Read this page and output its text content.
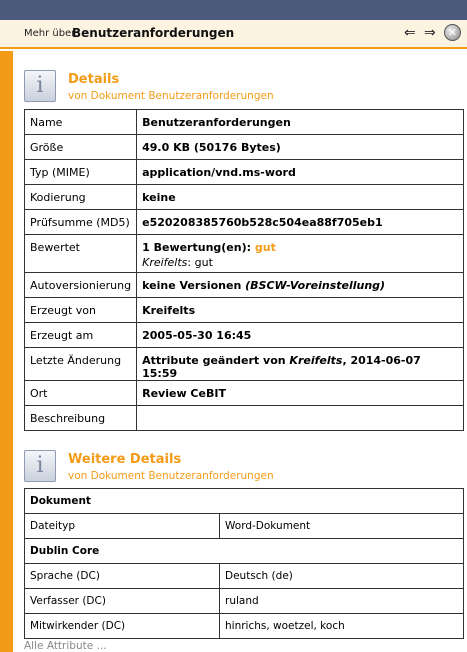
Mehr über
Benutzeranforderungen	⇐ ⇒	✕
i	Details
von Dokument Benutzeranforderungen
Name	Benutzeranforderungen
Größe	49.0 KB (50176 Bytes)
Typ (MIME)	application/vnd.ms-word
Kodierung	keine
Prüfsumme (MD5)	e520208385760b528c504ea88f705eb1
Bewertet	1 Bewertung(en): gut
Kreifelts: gut

Autoversionierung	keine Versionen (BSCW-Voreinstellung)
Erzeugt von	Kreifelts
Erzeugt am	2005-05-30 16:45
Letzte Änderung	Attribute geändert von Kreifelts, 2014-06-07 15:59
Ort	Review CeBIT
Beschreibung	
i	Weitere Details
von Dokument Benutzeranforderungen
Dokument	
Dateityp	Word-Dokument
Dublin Core	
Sprache (DC)	Deutsch (de)
Verfasser (DC)	ruland
Mitwirkender (DC)	hinrichs, woetzel, koch
Alle Attribute ...
